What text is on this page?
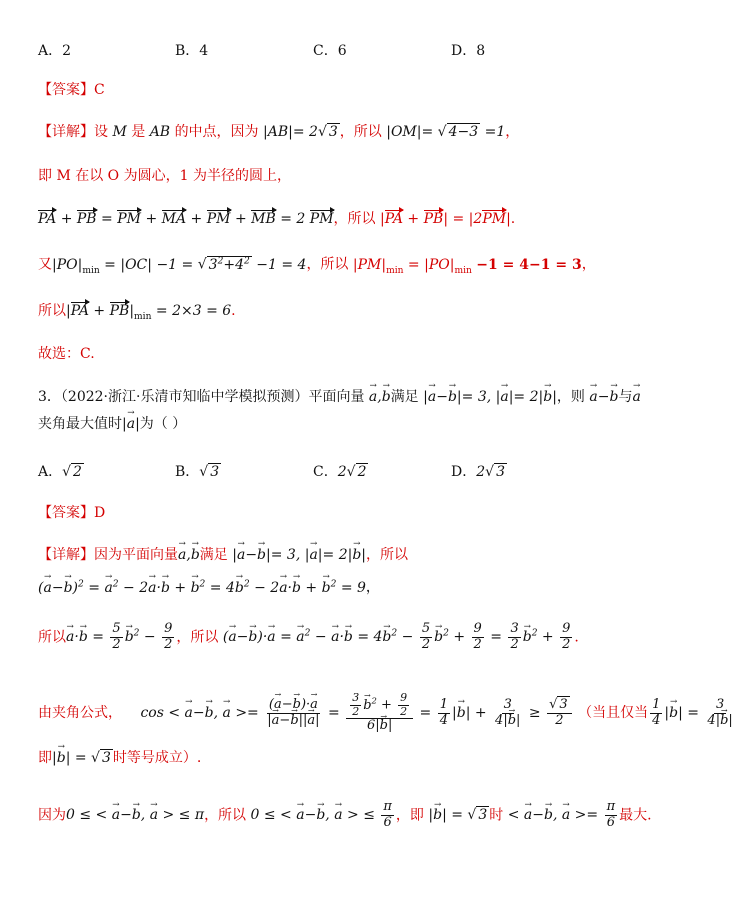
A．2	B．4	C．6	D．8
【答案】C
【详解】设 M 是 AB 的中点，因为 |AB|= 2√ 3 ，所以 |OM|= √ 4−3 =1，
即 M 在以 O 为圆心，1 为半径的圆上，
PA + PB = PM + MA + PM + MB = 2 PM，所以 |PA + PB| = |2PM|.
又$|PO|_{min} = |OC| -1$ = √ $3^2+4^2 -1 = 4$，所以 $|PM|_{min} = |PO|_{min} -1 = 4-1 = 3$，
所以$|PA + PB|_{min} = 2\times 3 = 6$.
故选：C.
3．（2022·浙江·乐清市知临中学模拟预测）平面向量 → a,→ b满足 |→ a−→ b|= 3, |→ a|= 2|→ b|，则 → a−→ b与→ a
夹角最大值时|→ a|为（ ）
A．√ 2	B．√ 3	C．2√ 2	D．2√ 3
【答案】D
【详解】因为平面向量→ a,→ b满足 |→ a−→ b|= 3, |→ a|= 2|→ b|，所以
(→ a−→ b)$^2$ = → $a^2 - 2\to a\cdot\to b$ + → $b^2 = 4\to b^2 - 2\to a\cdot\to b$ + → $b^2 = 9$，
所以→ $a\cdot\to b = \frac{5}{2}$
→ $b^2 - \frac{9}{2}$ ，所以 (→ a−→ b)·→ a = → $a^2$ − → $a\cdot\to b = 4\to b^2 - \frac{5}{2}$
→ $b^2 + \frac{9}{2} = \frac{3}{2}$
→ $b^2 + \frac{9}{2}$ .
由夹角公式， cos < → a−→ b, → $a >= \frac{(\to a-\to b)\cdot\to a}{|\to a-\to b||\to a|} = \frac{3}{2}$
→ $b^2 + \frac{9}{2}$
$6|\to b| = \frac{1}{4}$ |→ $b| + \frac{3}{4|\to b|} \ge \frac{√ 3}{2}$ （当且仅当 $\frac{1}{4}$ |→ $b| = \frac{3}{4|\to b|}$
即|→ b| = √ 3 时等号成立）.
因为0 ≤ < → a−→ b, → a > ≤ π，所以 0 ≤ < → a−→ b, → a > ≤ $\frac{\pi}{6}$ ，即 |→ b| = √ 3 时 < → a−→ b, → $a >= \frac{\pi}{6}$ 最大.
